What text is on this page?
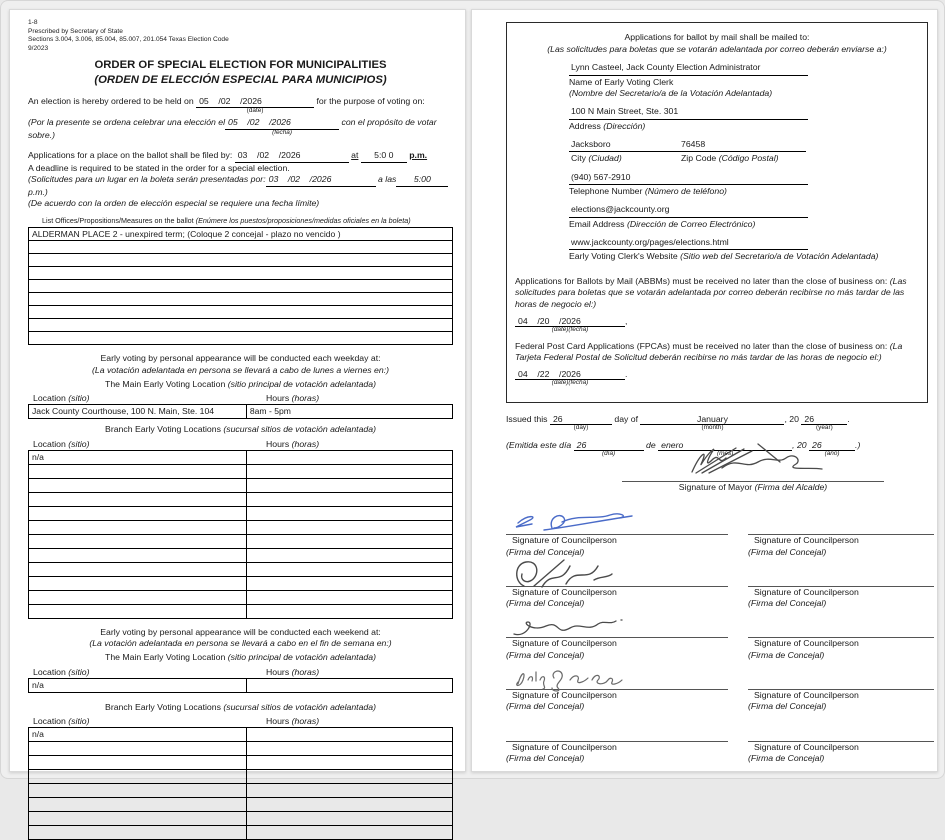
1-8
Prescribed by Secretary of State
Sections 3.004, 3.006, 85.004, 85.007, 201.054 Texas Election Code
9/2023
ORDER OF SPECIAL ELECTION FOR MUNICIPALITIES
(ORDEN DE ELECCIÓN ESPECIAL PARA MUNICIPIOS)
An election is hereby ordered to be held on 05    /02    /2026
(date)
for the purpose of voting on:
(Por la presente se ordena celebrar una elección el 05    /02    /2026
(fecha)
con el propósito de votar sobre.)
Applications for a place on the ballot shall be filed by: 03    /02    /2026	at 5:0 0 p.m.
A deadline is required to be stated in the order for a special election.
(Solicitudes para un lugar en la boleta serán presentadas por: 03    /02    /2026	a las 5:00 p.m.)
(De acuerdo con la orden de elección especial se requiere una fecha límite)
List Offices/Propositions/Measures on the ballot (Enúmere los puestos/proposiciones/medidas oficiales en la boleta)
ALDERMAN PLACE 2 - unexpired term; (Coloque 2 concejal - plazo no vencido )
Early voting by personal appearance will be conducted each weekday at:
(La votación adelantada en persona se llevará a cabo de lunes a viernes en:)
The Main Early Voting Location (sitio principal de votación adelantada)
Location (sitio)	Hours (horas)
Jack County Courthouse, 100 N. Main, Ste. 104	8am - 5pm
Branch Early Voting Locations (sucursal sitios de votación adelantada)
Location (sitio)	Hours (horas)
n/a
Early voting by personal appearance will be conducted each weekend at:
(La votación adelantada en persona se llevará a cabo en el fin de semana en:)
The Main Early Voting Location (sitio principal de votación adelantada)
Location (sitio)	Hours (horas)
n/a
Branch Early Voting Locations (sucursal sitios de votación adelantada)
Location (sitio)	Hours (horas)
n/a
Applications for ballot by mail shall be mailed to:
(Las solicitudes para boletas que se votarán adelantada por correo deberán enviarse a:)
Lynn Casteel, Jack County Election Administrator
Name of Early Voting Clerk
(Nombre del Secretario/a de la Votación Adelantada)
100 N Main Street, Ste. 301
Address (Dirección)
Jacksboro	76458
City (Ciudad)	Zip Code (Código Postal)
(940) 567-2910
Telephone Number (Número de teléfono)
elections@jackcounty.org
Email Address (Dirección de Correo Electrónico)
www.jackcounty.org/pages/elections.html
Early Voting Clerk's Website (Sitio web del Secretario/a de Votación Adelantada)
Applications for Ballots by Mail (ABBMs) must be received no later than the close of business on: (Las solicitudes para boletas que se votarán adelantada por correo deberán recibirse no más tardar de las horas de negocio el:)
04    /20    /2026
(date)(fecha)
,
Federal Post Card Applications (FPCAs) must be received no later than the close of business on: (La Tarjeta Federal Postal de Solicitud deberán recibirse no más tardar de las horas de negocio el:)
04    /22    /2026
(date)(fecha)
.
Issued this 26
(day)
day of	January
(month)
, 20 26
(year)
.
(Emitida este día 26
(día)
de enero
(mes)
, 20 26
(año)
.)
Signature of Mayor (Firma del Alcalde)
Signature of Councilperson
(Firma del Concejal)
Signature of Councilperson
(Firma del Concejal)
Signature of Councilperson
(Firma del Concejal)
Signature of Councilperson
(Firma del Concejal)
Signature of Councilperson
(Firma del Concejal)
Signature of Councilperson
(Firma de Concejal)
Signature of Councilperson
(Firma del Concejal)
Signature of Councilperson
(Firma del Concejal)
Signature of Councilperson
(Firma del Concejal)
Signature of Councilperson
(Firma de Concejal)
